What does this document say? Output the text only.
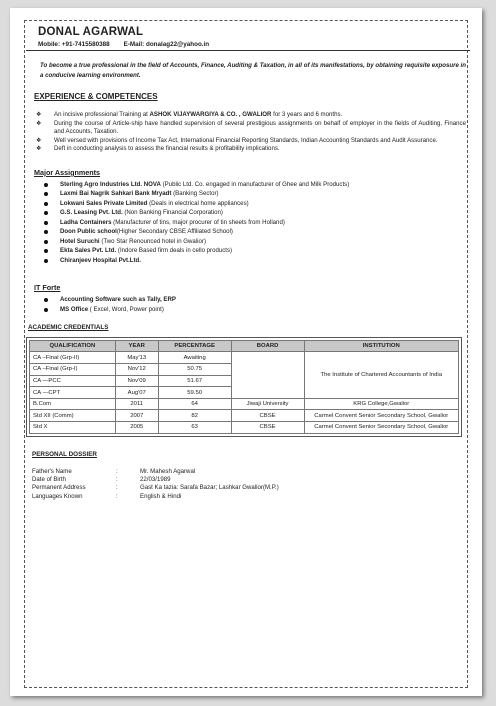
DONAL AGARWAL
Mobile: +91-7415580388 E-Mail: donalag22@yahoo.in
To become a true professional in the field of Accounts, Finance, Auditing & Taxation, in all of its manifestations, by obtaining requisite exposure in a conducive learning environment.
EXPERIENCE & COMPETENCES
❖ An incisive professional Training at ASHOK VIJAYWARGIYA & CO. , GWALIOR for 3 years and 6 months.
❖ During the course of Article-ship have handled supervision of several prestigious assignments on behalf of employer in the fields of Auditing, Finance and Accounts, Taxation.
❖ Well versed with provisions of Income Tax Act, International Financial Reporting Standards, Indian Accounting Standards and Audit Assurance.
❖ Deft in conducting analysis to assess the financial results & profitability implications.
Major Assignments
Sterling Agro Industries Ltd. NOVA (Public Ltd. Co. engaged in manufacturer of Ghee and Milk Products)
Laxmi Bai Nagrik Sahkari Bank Mryadt (Banking Sector)
Lokwani Sales Private Limited (Deals in electrical home appliances)
G.S. Leasing Pvt. Ltd. (Non Banking Financial Corporation)
Ladha Containers (Manufacturer of tins, major procurer of tin sheets from Holland)
Doon Public school(Higher Secondary CBSE Affiliated School)
Hotel Suruchi (Two Star Renounced hotel in Gwalior)
Ekta Sales Pvt. Ltd. (Indore Based firm deals in cello products)
Chiranjeev Hospital Pvt.Ltd.
IT Forte
Accounting Software such as Tally, ERP
MS Office ( Excel, Word, Power point)
ACADEMIC CREDENTIALS
QUALIFICATION	YEAR	PERCENTAGE	BOARD	INSTITUTION
CA –Final (Grp-II)	May'13	Awaiting		The Institute of Chartered Accountants of India
CA –Final (Grp-I)	Nov'12	50.75		
CA —PCC	Nov'09	51.67		
CA —CPT	Aug'07	59.50		
B.Com	2011	64	Jiwaji University	KRG College,Gwalior
Std XII (Comm)	2007	82	CBSE	Carmel Convent Senior Secondary School, Gwalior
Std X	2005	63	CBSE	Carmel Convent Senior Secondary School, Gwalior
PERSONAL DOSSIER
Father's Name	:	Mr. Mahesh Agarwal
Date of Birth	:	22/03/1989
Permanent Address	:	Gast Ka tazia: Sarafa Bazar; Lashkar Gwalior(M.P.)
Languages Known	:	English & Hindi
